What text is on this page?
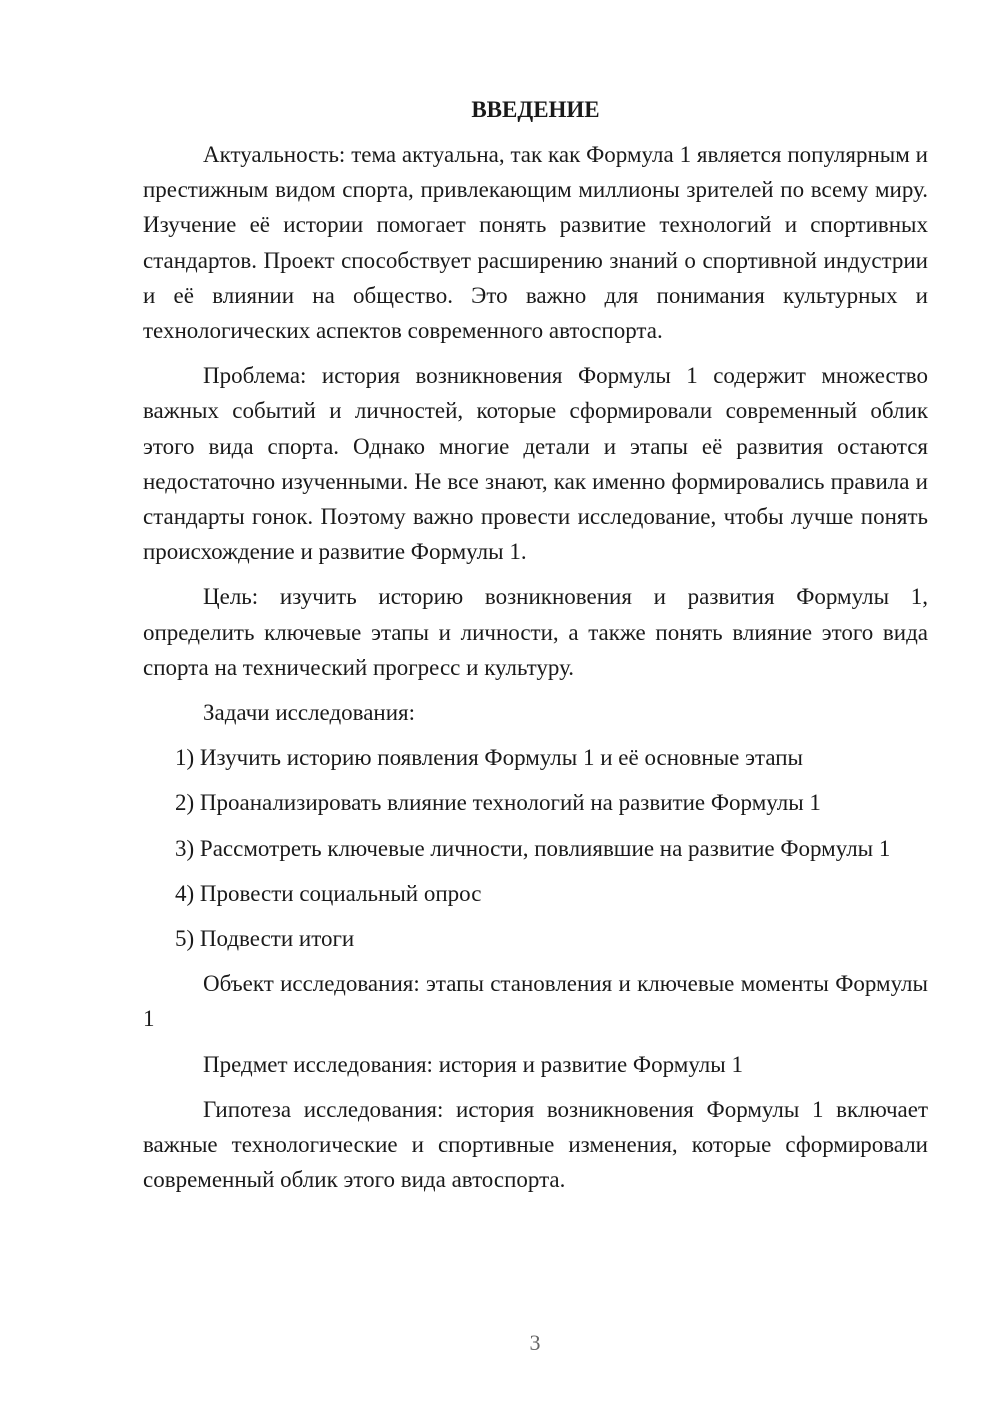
ВВЕДЕНИЕ

Актуальность: тема актуальна, так как Формула 1 является популярным и престижным видом спорта, привлекающим миллионы зрителей по всему миру. Изучение её истории помогает понять развитие технологий и спортивных стандартов. Проект способствует расширению знаний о спортивной индустрии и её влиянии на общество. Это важно для понимания культурных и технологических аспектов современного автоспорта.

Проблема: история возникновения Формулы 1 содержит множество важных событий и личностей, которые сформировали современный облик этого вида спорта. Однако многие детали и этапы её развития остаются недостаточно изученными. Не все знают, как именно формировались правила и стандарты гонок. Поэтому важно провести исследование, чтобы лучше понять происхождение и развитие Формулы 1.

Цель: изучить историю возникновения и развития Формулы 1, определить ключевые этапы и личности, а также понять влияние этого вида спорта на технический прогресс и культуру.

Задачи исследования:

1) Изучить историю появления Формулы 1 и её основные этапы

2) Проанализировать влияние технологий на развитие Формулы 1

3) Рассмотреть ключевые личности, повлиявшие на развитие Формулы 1

4) Провести социальный опрос

5) Подвести итоги

Объект исследования: этапы становления и ключевые моменты Формулы 1

Предмет исследования: история и развитие Формулы 1

Гипотеза исследования: история возникновения Формулы 1 включает важные технологические и спортивные изменения, которые сформировали современный облик этого вида автоспорта.

3
